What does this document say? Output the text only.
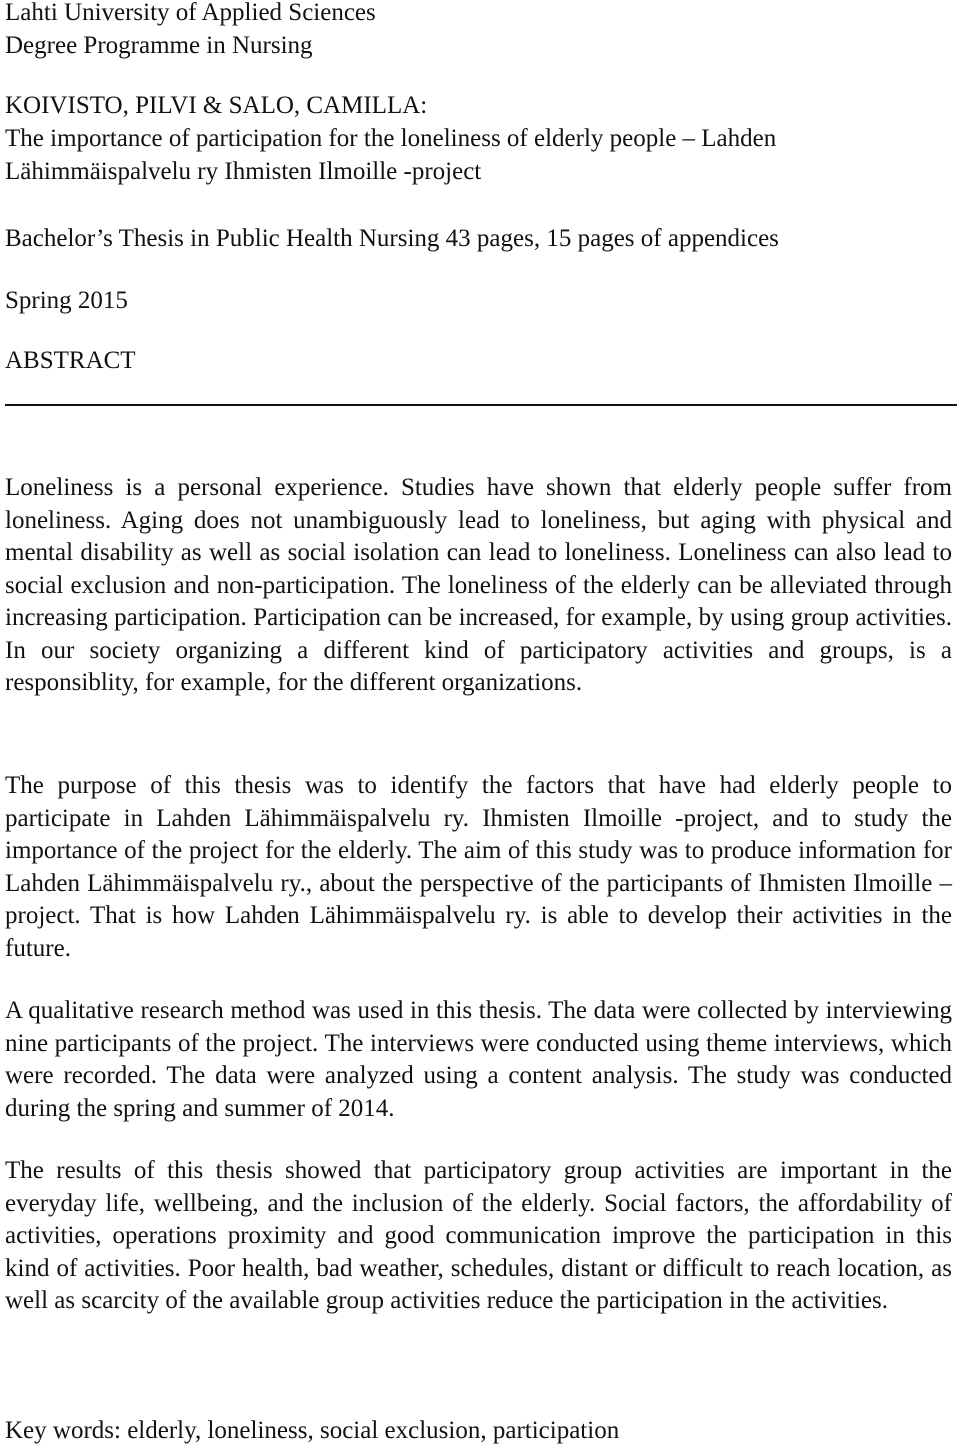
Lahti University of Applied Sciences

Degree Programme in Nursing

KOIVISTO, PILVI & SALO, CAMILLA:

The importance of participation for the loneliness of elderly people – Lahden

Lähimmäispalvelu ry Ihmisten Ilmoille -project

Bachelor’s Thesis in Public Health Nursing 43 pages, 15 pages of appendices

Spring 2015

ABSTRACT

Loneliness is a personal experience. Studies have shown that elderly people suffer from loneliness. Aging does not unambiguously lead to loneliness, but aging with physical and mental disability as well as social isolation can lead to loneliness. Loneliness can also lead to social exclusion and non-participation. The loneliness of the elderly can be alleviated through increasing participation. Participation can be increased, for example, by using group activities. In our society organizing a different kind of participatory activities and groups, is a responsiblity, for example, for the different organizations.

The purpose of this thesis was to identify the factors that have had elderly people to participate in Lahden Lähimmäispalvelu ry. Ihmisten Ilmoille -project, and to study the importance of the project for the elderly. The aim of this study was to produce information for Lahden Lähimmäispalvelu ry., about the perspective of the participants of Ihmisten Ilmoille –project. That is how Lahden Lähimmäispalvelu ry. is able to develop their activities in the future.

A qualitative research method was used in this thesis. The data were collected by interviewing nine participants of the project. The interviews were conducted using theme interviews, which were recorded. The data were analyzed using a content analysis. The study was conducted during the spring and summer of 2014.

The results of this thesis showed that participatory group activities are important in the everyday life, wellbeing, and the inclusion of the elderly. Social factors, the affordability of activities, operations proximity and good communication improve the participation in this kind of activities. Poor health, bad weather, schedules, distant or difficult to reach location, as well as scarcity of the available group activities reduce the participation in the activities.

Key words: elderly, loneliness, social exclusion, participation
